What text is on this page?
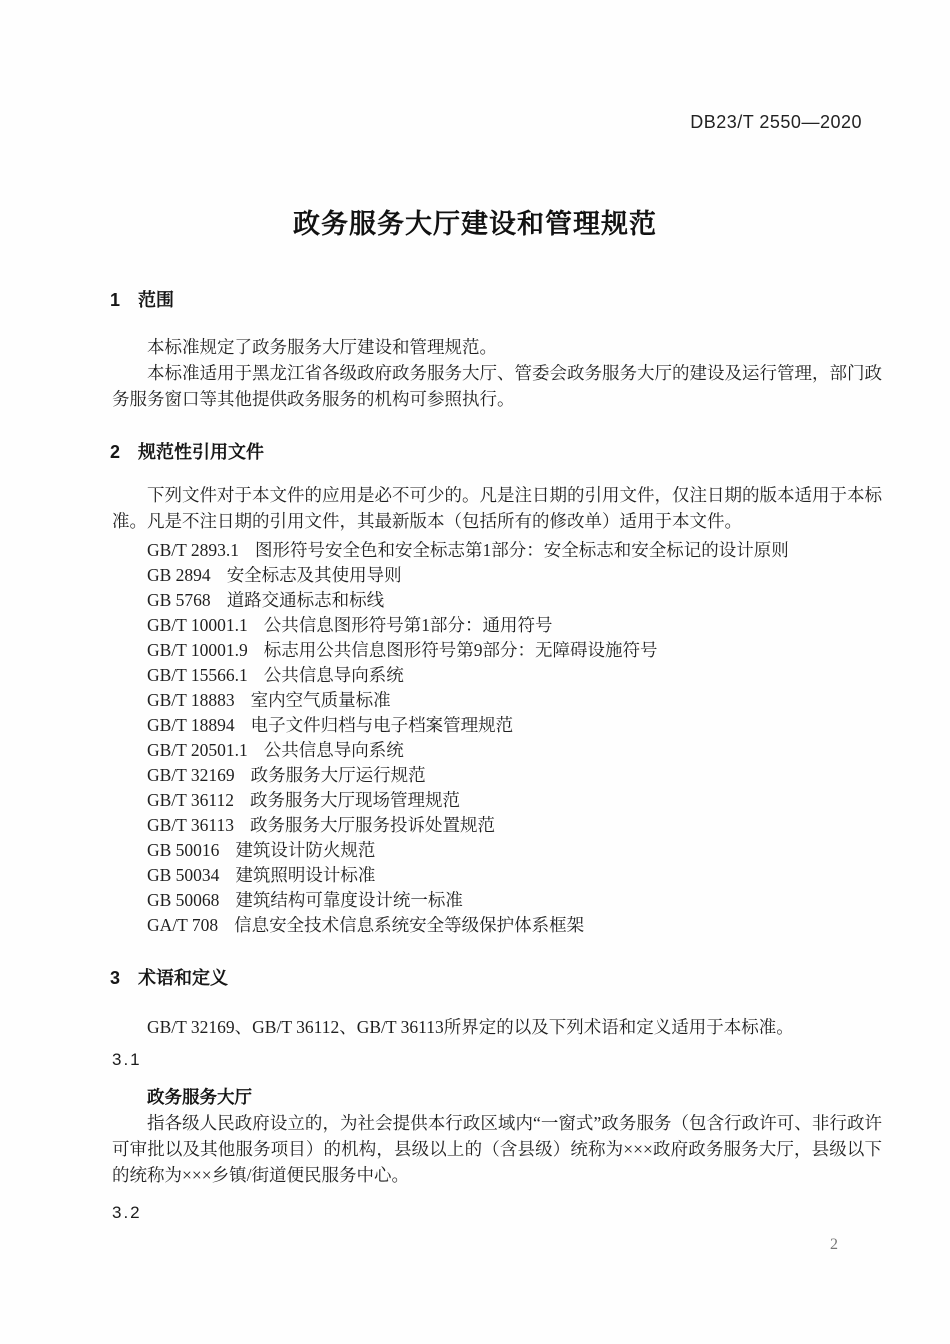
DB23/T 2550—2020
政务服务大厅建设和管理规范
1 范围

本标准规定了政务服务大厅建设和管理规范。

本标准适用于黑龙江省各级政府政务服务大厅、管委会政务服务大厅的建设及运行管理，部门政务服务窗口等其他提供政务服务的机构可参照执行。

2 规范性引用文件

下列文件对于本文件的应用是必不可少的。凡是注日期的引用文件，仅注日期的版本适用于本标准。凡是不注日期的引用文件，其最新版本（包括所有的修改单）适用于本文件。

GB/T 2893.1 图形符号安全色和安全标志第1部分：安全标志和安全标记的设计原则
GB 2894 安全标志及其使用导则
GB 5768 道路交通标志和标线
GB/T 10001.1 公共信息图形符号第1部分：通用符号
GB/T 10001.9 标志用公共信息图形符号第9部分：无障碍设施符号
GB/T 15566.1 公共信息导向系统
GB/T 18883 室内空气质量标准
GB/T 18894 电子文件归档与电子档案管理规范
GB/T 20501.1 公共信息导向系统
GB/T 32169 政务服务大厅运行规范
GB/T 36112 政务服务大厅现场管理规范
GB/T 36113 政务服务大厅服务投诉处置规范
GB 50016 建筑设计防火规范
GB 50034 建筑照明设计标准
GB 50068 建筑结构可靠度设计统一标准
GA/T 708 信息安全技术信息系统安全等级保护体系框架
3 术语和定义

GB/T 32169、GB/T 36112、GB/T 36113所界定的以及下列术语和定义适用于本标准。

3.1
政务服务大厅

指各级人民政府设立的，为社会提供本行政区域内“一窗式”政务服务（包含行政许可、非行政许可审批以及其他服务项目）的机构，县级以上的（含县级）统称为×××政府政务服务大厅，县级以下的统称为×××乡镇/街道便民服务中心。

3.2
2
